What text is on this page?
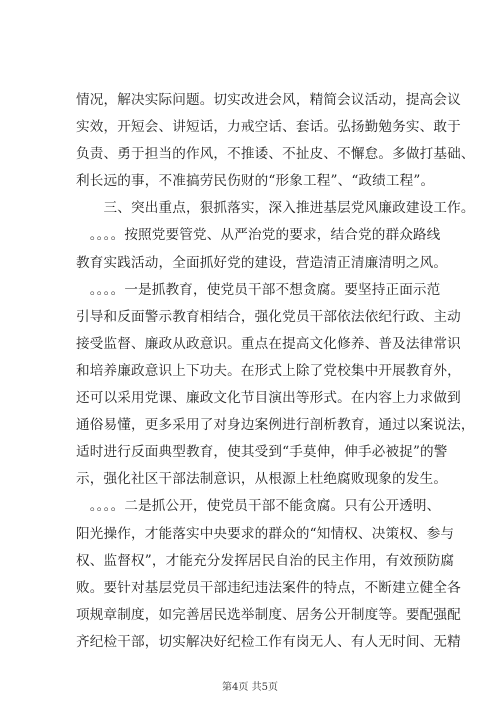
情况，解决实际问题。切实改进会风，精简会议活动，提高会议
实效，开短会、讲短话，力戒空话、套话。弘扬勤勉务实、敢于
负责、勇于担当的作风，不推诿、不扯皮、不懈怠。多做打基础、
利长远的事，不准搞劳民伤财的“形象工程”、“政绩工程”。
　　三、突出重点，狠抓落实，深入推进基层党风廉政建设工作。
　。。。。按照党要管党、从严治党的要求，结合党的群众路线
教育实践活动，全面抓好党的建设，营造清正清廉清明之风。
　。。。。一是抓教育，使党员干部不想贪腐。要坚持正面示范
引导和反面警示教育相结合，强化党员干部依法依纪行政、主动
接受监督、廉政从政意识。重点在提高文化修养、普及法律常识
和培养廉政意识上下功夫。在形式上除了党校集中开展教育外，
还可以采用党课、廉政文化节目演出等形式。在内容上力求做到
通俗易懂，更多采用了对身边案例进行剖析教育，通过以案说法，
适时进行反面典型教育，使其受到“手莫伸，伸手必被捉”的警
示，强化社区干部法制意识，从根源上杜绝腐败现象的发生。
　。。。。二是抓公开，使党员干部不能贪腐。只有公开透明、
阳光操作，才能落实中央要求的群众的“知情权、决策权、参与
权、监督权”，才能充分发挥居民自治的民主作用，有效预防腐
败。要针对基层党员干部违纪违法案件的特点，不断建立健全各
项规章制度，如完善居民选举制度、居务公开制度等。要配强配
齐纪检干部，切实解决好纪检工作有岗无人、有人无时间、无精
第4页 共5页
